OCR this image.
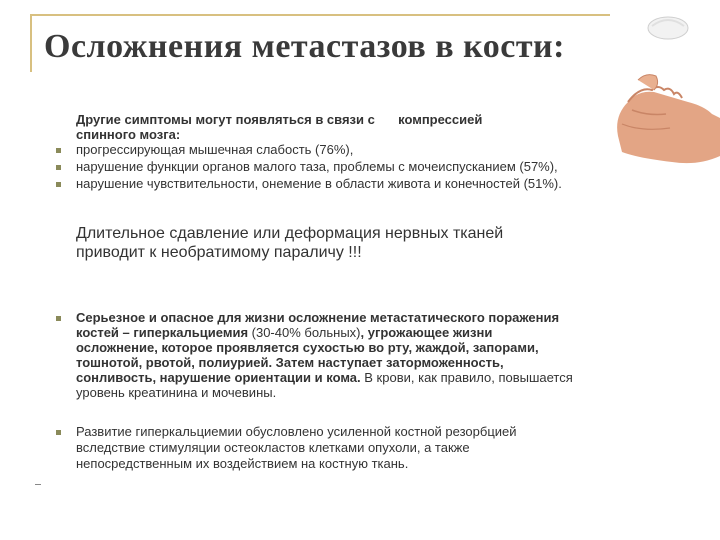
Осложнения метастазов в кости:
Другие симптомы могут появляться в связи с компрессией
спинного мозга:
прогрессирующая мышечная слабость (76%),
нарушение функции органов малого таза, проблемы с мочеиспусканием (57%),
нарушение чувствительности, онемение в области живота и конечностей (51%).
Длительное сдавление или деформация нервных тканей
приводит к необратимому параличу !!!
Серьезное и опасное для жизни осложнение метастатического поражения
костей – гиперкальциемия (30-40% больных), угрожающее жизни
осложнение, которое проявляется сухостью во рту, жаждой, запорами,
тошнотой, рвотой, полиурией. Затем наступает заторможенность,
сонливость, нарушение ориентации и кома. В крови, как правило, повышается
уровень креатинина и мочевины.
Развитие гиперкальциемии обусловлено усиленной костной резорбцией
вследствие стимуляции остеокластов клетками опухоли, а также
непосредственным их воздействием на костную ткань.
